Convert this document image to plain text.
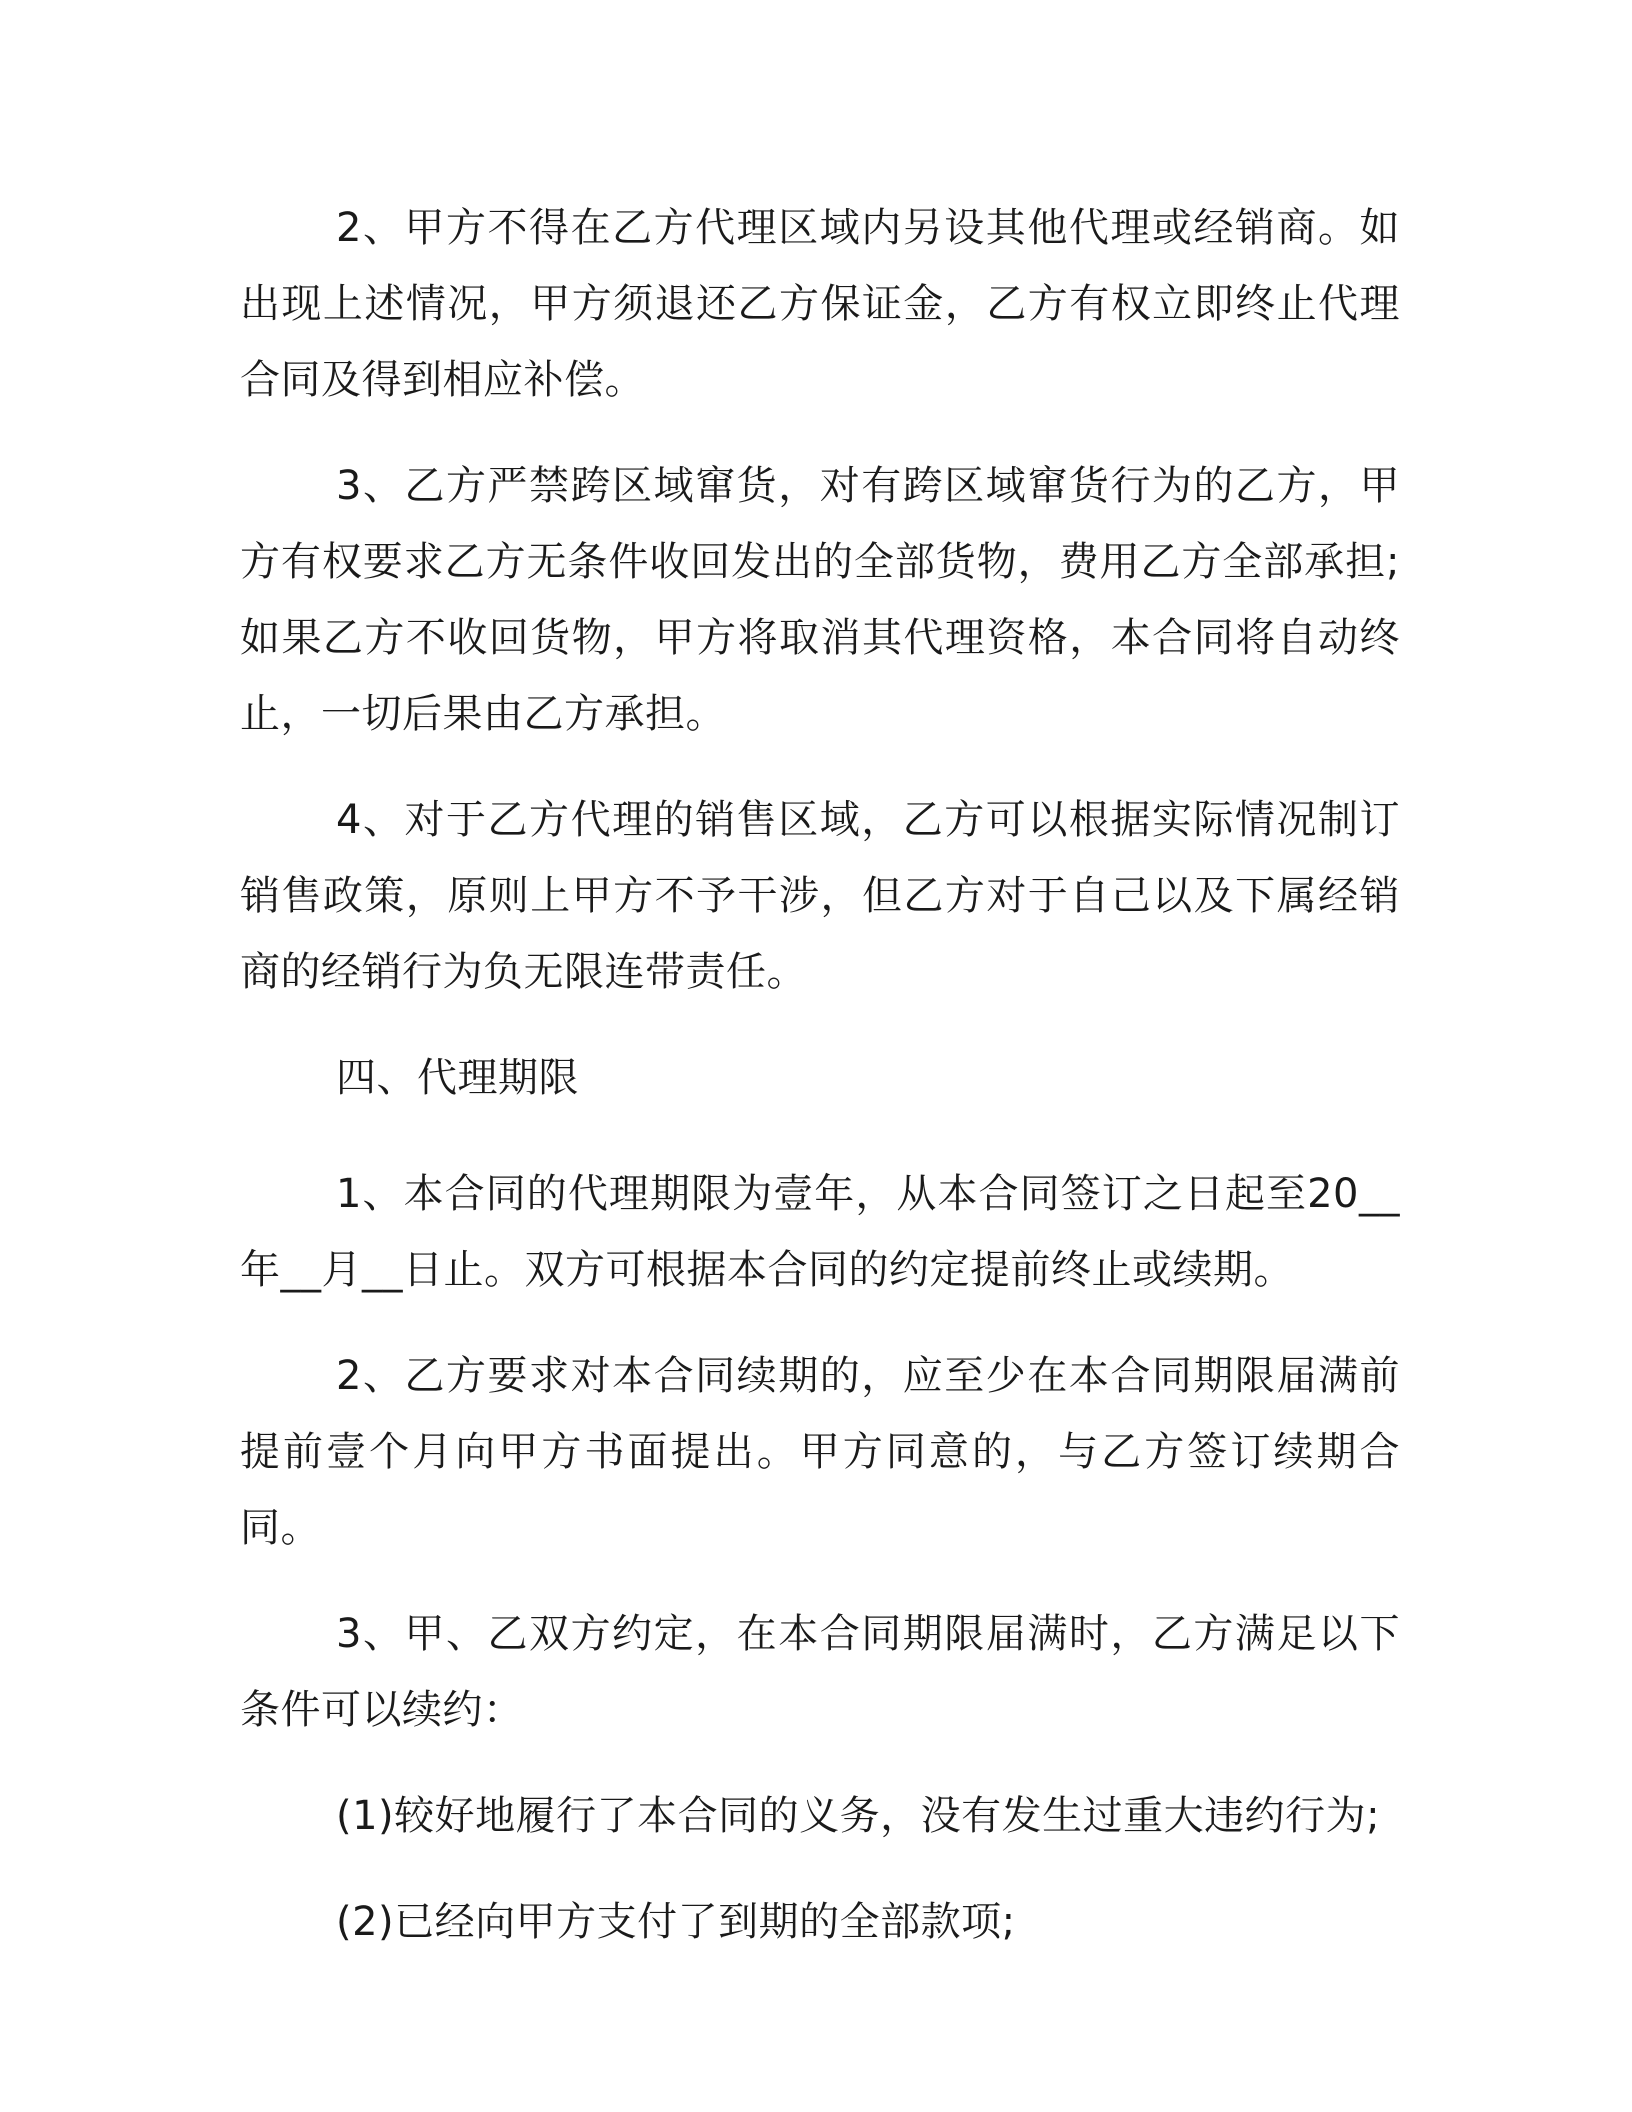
2、甲方不得在乙方代理区域内另设其他代理或经销商。如出现上述情况，甲方须退还乙方保证金，乙方有权立即终止代理合同及得到相应补偿。

3、乙方严禁跨区域窜货，对有跨区域窜货行为的乙方，甲方有权要求乙方无条件收回发出的全部货物，费用乙方全部承担;如果乙方不收回货物，甲方将取消其代理资格，本合同将自动终止，一切后果由乙方承担。

4、对于乙方代理的销售区域，乙方可以根据实际情况制订销售政策，原则上甲方不予干涉，但乙方对于自己以及下属经销商的经销行为负无限连带责任。

四、代理期限

1、本合同的代理期限为壹年，从本合同签订之日起至20__年__月__日止。双方可根据本合同的约定提前终止或续期。

2、乙方要求对本合同续期的，应至少在本合同期限届满前提前壹个月向甲方书面提出。甲方同意的，与乙方签订续期合同。

3、甲、乙双方约定，在本合同期限届满时，乙方满足以下条件可以续约：

(1)较好地履行了本合同的义务，没有发生过重大违约行为;

(2)已经向甲方支付了到期的全部款项;
